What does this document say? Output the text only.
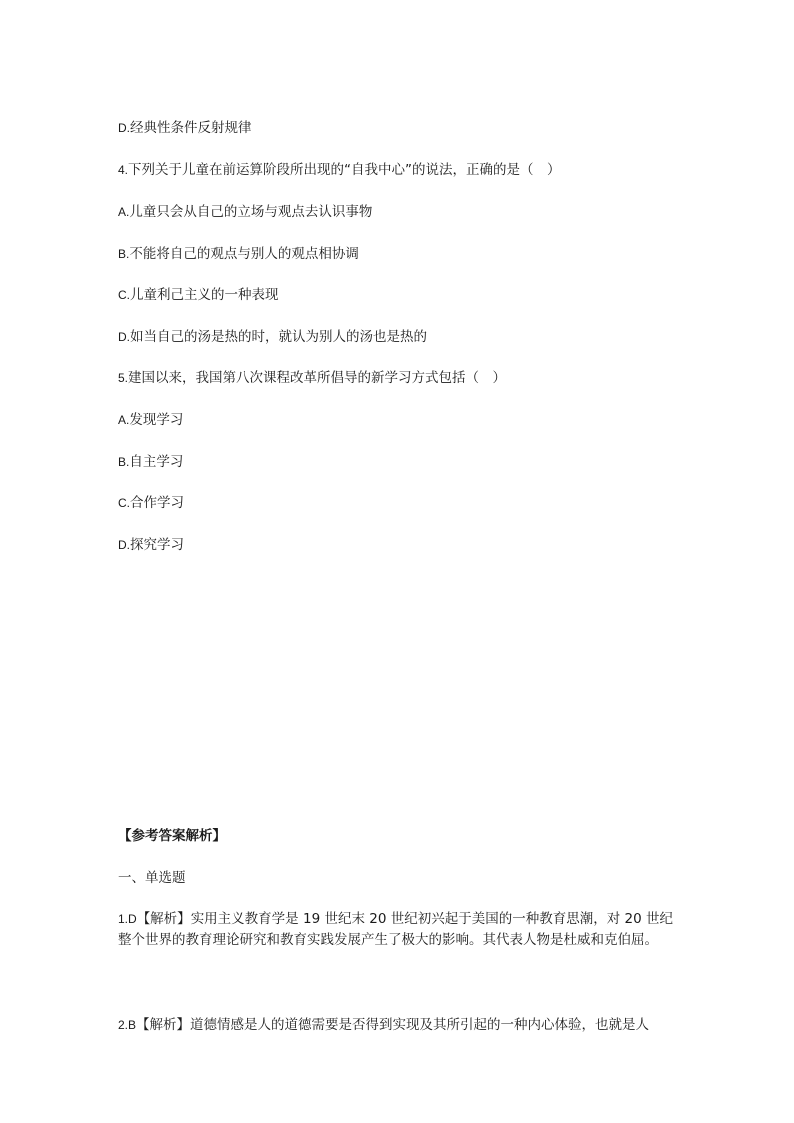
D.经典性条件反射规律
4.下列关于儿童在前运算阶段所出现的“自我中心”的说法，正确的是（　）
A.儿童只会从自己的立场与观点去认识事物
B.不能将自己的观点与别人的观点相协调
C.儿童利己主义的一种表现
D.如当自己的汤是热的时，就认为别人的汤也是热的
5.建国以来，我国第八次课程改革所倡导的新学习方式包括（　）
A.发现学习
B.自主学习
C.合作学习
D.探究学习
【参考答案解析】
一、单选题
1.D【解析】实用主义教育学是 19 世纪末 20 世纪初兴起于美国的一种教育思潮，对 20 世纪整个世界的教育理论研究和教育实践发展产生了极大的影响。其代表人物是杜威和克伯屈。
2.B【解析】道德情感是人的道德需要是否得到实现及其所引起的一种内心体验，也就是人
